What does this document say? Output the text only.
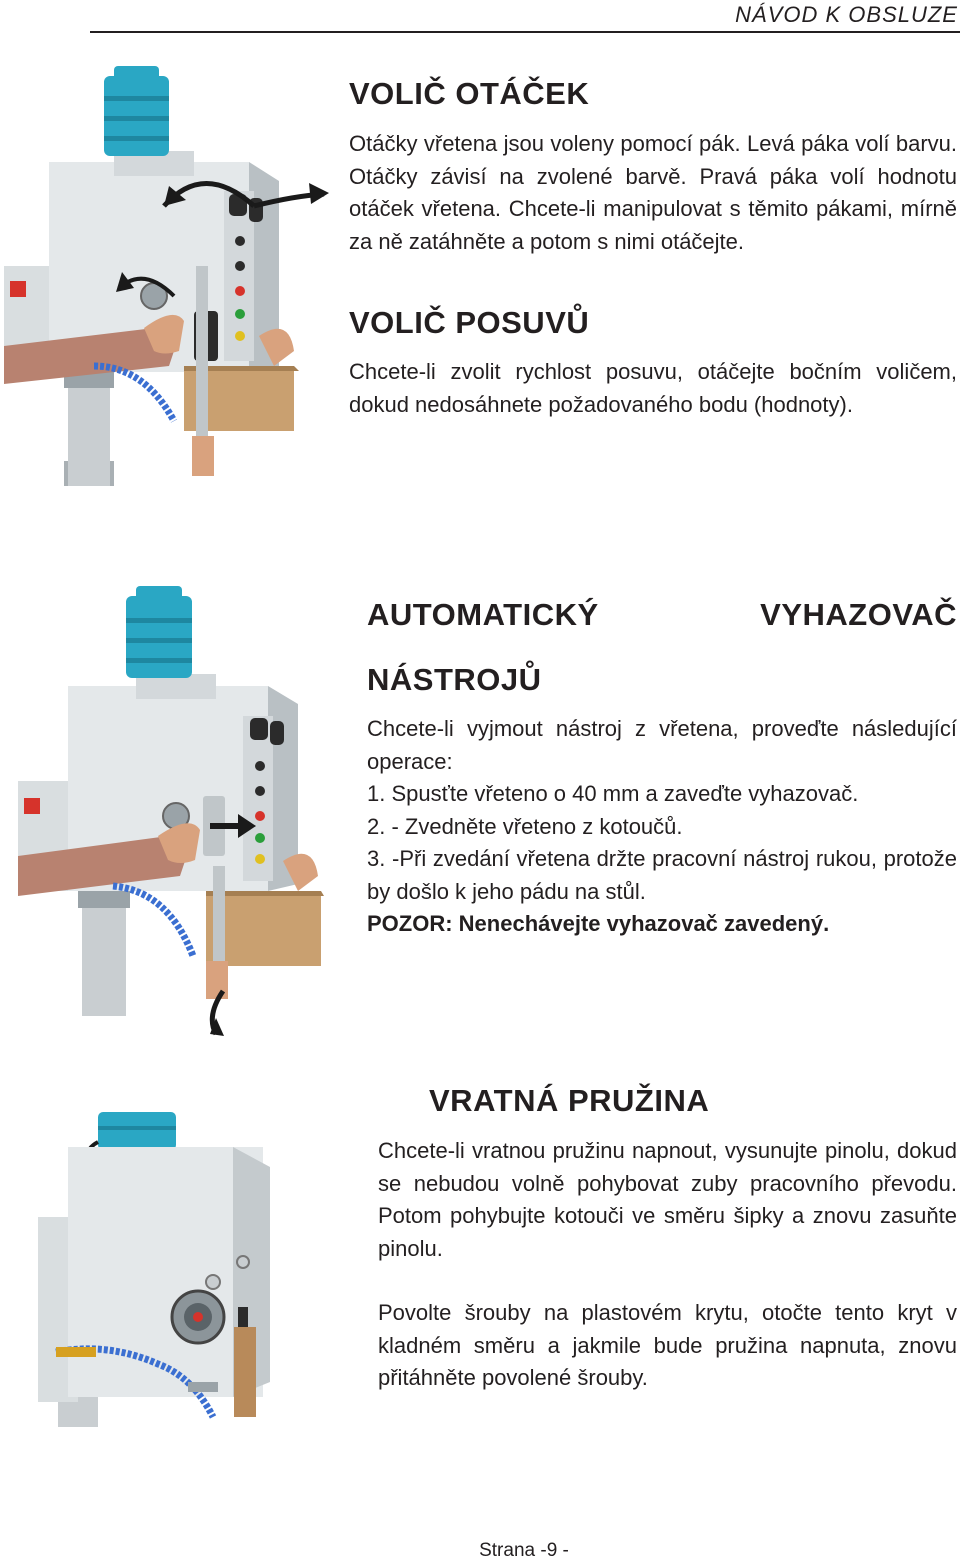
NÁVOD K OBSLUZE
VOLIČ OTÁČEK

Otáčky vřetena jsou voleny pomocí pák. Levá páka volí barvu. Otáčky závisí na zvolené barvě. Pravá páka volí hodnotu otáček vřetena. Chcete-li manipulovat s těmito pákami, mírně za ně zatáhněte a potom s nimi otáčejte.

VOLIČ POSUVŮ

Chcete-li zvolit rychlost posuvu, otáčejte bočním voličem, dokud nedosáhnete požadovaného bodu (hodnoty).

AUTOMATICKÝ	VYHAZOVAČ
NÁSTROJŮ
Chcete-li vyjmout nástroj z vřetena, proveďte následující operace:
1. Spusťte vřeteno o 40 mm a zaveďte vyhazovač.
2. - Zvedněte vřeteno z kotoučů.
3. -Při zvedání vřetena držte pracovní nástroj rukou, protože by došlo k jeho pádu na stůl.
POZOR: Nenechávejte vyhazovač zavedený.
VRATNÁ PRUŽINA

Chcete-li vratnou pružinu napnout, vysunujte pinolu, dokud se nebudou volně pohybovat zuby pracovního převodu. Potom pohybujte kotouči ve směru šipky a znovu zasuňte pinolu.

Povolte šrouby na plastovém krytu, otočte tento kryt v kladném směru a jakmile bude pružina napnuta, znovu přitáhněte povolené šrouby.

Strana -9 -
